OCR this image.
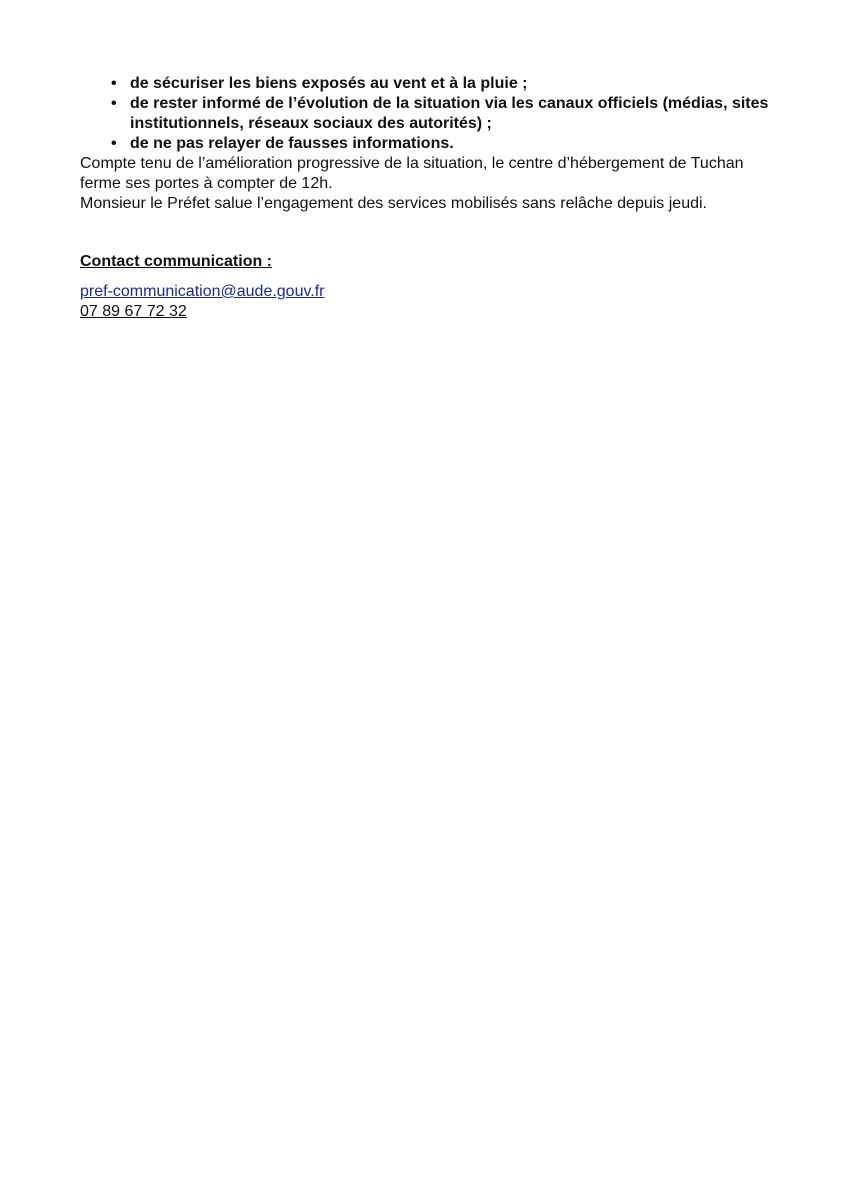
• de sécuriser les biens exposés au vent et à la pluie ;
• de rester informé de l’évolution de la situation via les canaux officiels (médias, sites institutionnels, réseaux sociaux des autorités) ;
• de ne pas relayer de fausses informations.

Compte tenu de l’amélioration progressive de la situation, le centre d’hébergement de Tuchan ferme ses portes à compter de 12h.

Monsieur le Préfet salue l’engagement des services mobilisés sans relâche depuis jeudi.

Contact communication :
pref-communication@aude.gouv.fr
07 89 67 72 32
